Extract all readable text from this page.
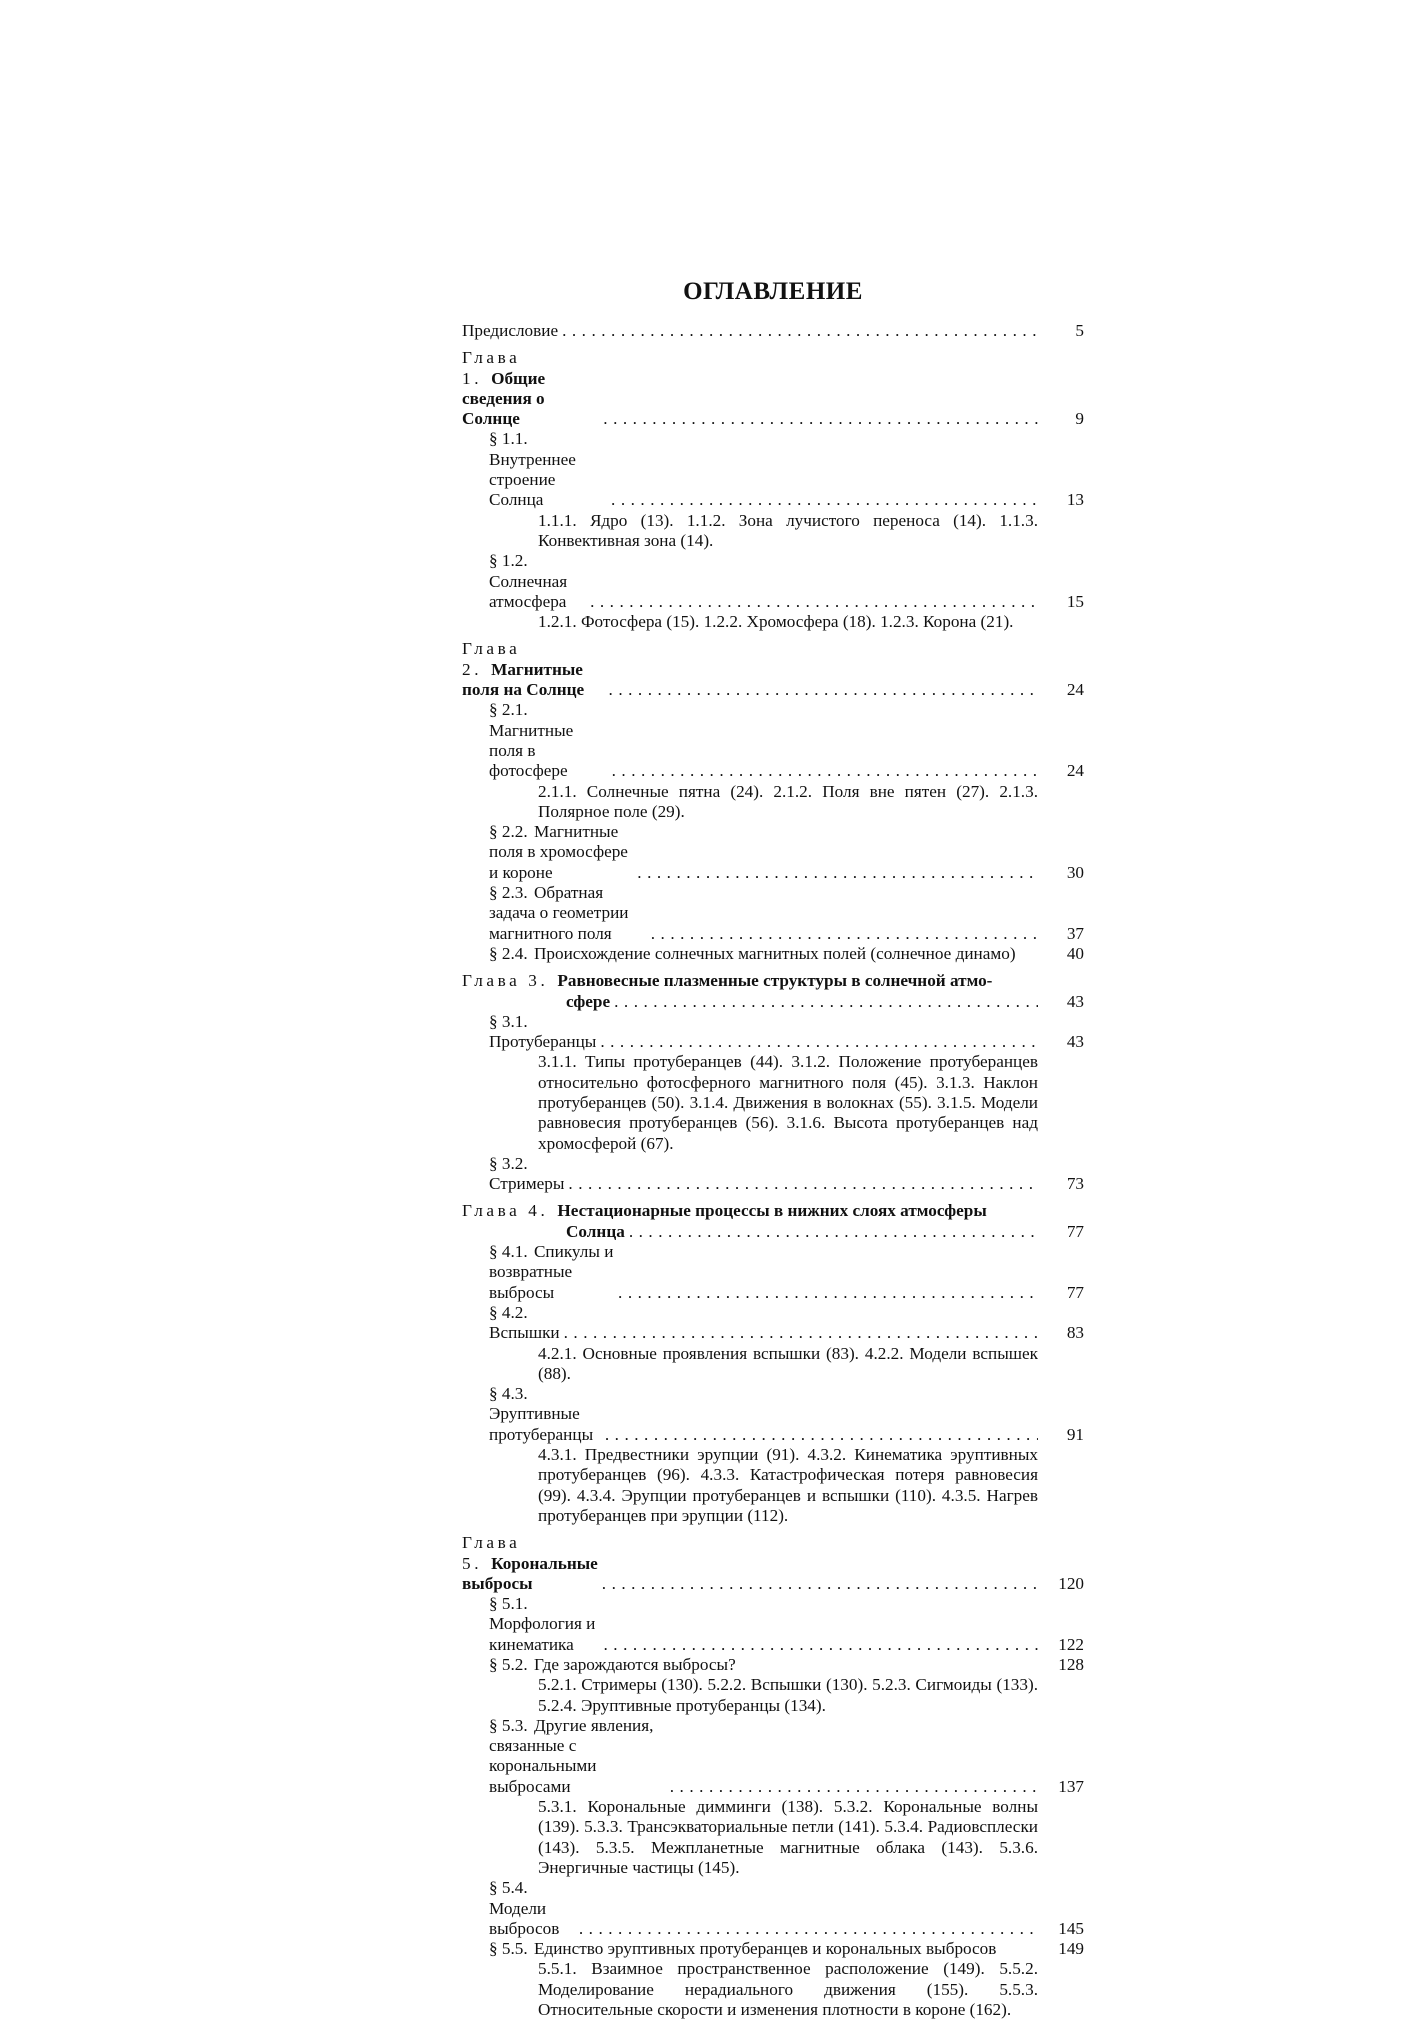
ОГЛАВЛЕНИЕ
Предисловие . . .	5
Глава 1. Общие сведения о Солнце . . .	9
§ 1.1. Внутреннее строение Солнца . . .	13
1.1.1. Ядро (13). 1.1.2. Зона лучистого переноса (14). 1.1.3. Конвективная зона (14).
§ 1.2. Солнечная атмосфера . . .	15
1.2.1. Фотосфера (15). 1.2.2. Хромосфера (18). 1.2.3. Корона (21).
Глава 2. Магнитные поля на Солнце . . .	24
§ 2.1. Магнитные поля в фотосфере . . .	24
2.1.1. Солнечные пятна (24). 2.1.2. Поля вне пятен (27). 2.1.3. Полярное поле (29).
§ 2.2. Магнитные поля в хромосфере и короне . . .	30
§ 2.3. Обратная задача о геометрии магнитного поля . . .	37
§ 2.4. Происхождение солнечных магнитных полей (солнечное динамо)	40
Глава 3. Равновесные плазменные структуры в солнечной атмо-
сфере . . .	43
§ 3.1. Протуберанцы . . .	43
3.1.1. Типы протуберанцев (44). 3.1.2. Положение протуберанцев относительно фотосферного магнитного поля (45). 3.1.3. Наклон протуберанцев (50). 3.1.4. Движения в волокнах (55). 3.1.5. Модели равновесия протуберанцев (56). 3.1.6. Высота протуберанцев над хромосферой (67).
§ 3.2. Стримеры . . .	73
Глава 4. Нестационарные процессы в нижних слоях атмосферы
Солнца . . .	77
§ 4.1. Спикулы и возвратные выбросы . . .	77
§ 4.2. Вспышки . . .	83
4.2.1. Основные проявления вспышки (83). 4.2.2. Модели вспышек (88).
§ 4.3. Эруптивные протуберанцы . . .	91
4.3.1. Предвестники эрупции (91). 4.3.2. Кинематика эруптивных протуберанцев (96). 4.3.3. Катастрофическая потеря равновесия (99). 4.3.4. Эрупции протуберанцев и вспышки (110). 4.3.5. Нагрев протуберанцев при эрупции (112).
Глава 5. Корональные выбросы . . .	120
§ 5.1. Морфология и кинематика . . .	122
§ 5.2. Где зарождаются выбросы?	128
5.2.1. Стримеры (130). 5.2.2. Вспышки (130). 5.2.3. Сигмоиды (133). 5.2.4. Эруптивные протуберанцы (134).
§ 5.3. Другие явления, связанные с корональными выбросами . . .	137
5.3.1. Корональные димминги (138). 5.3.2. Корональные волны (139). 5.3.3. Трансэкваториальные петли (141). 5.3.4. Радиовсплески (143). 5.3.5. Межпланетные магнитные облака (143). 5.3.6. Энергичные частицы (145).
§ 5.4. Модели выбросов . . .	145
§ 5.5. Единство эруптивных протуберанцев и корональных выбросов	149
5.5.1. Взаимное пространственное расположение (149). 5.5.2. Моделирование нерадиального движения (155). 5.5.3. Относительные скорости и изменения плотности в короне (162).
